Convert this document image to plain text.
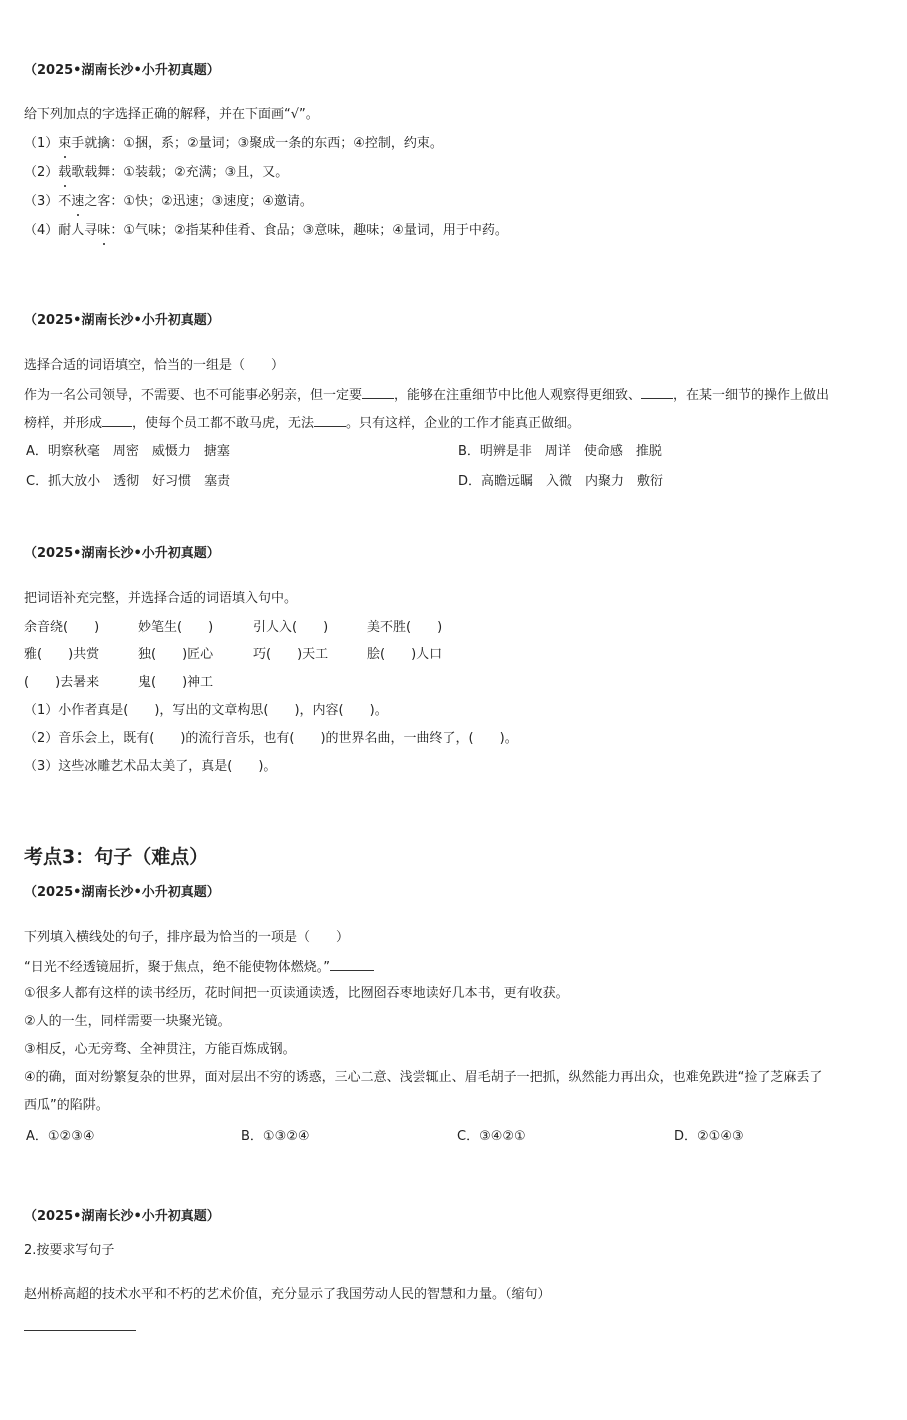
（2025•湖南长沙•小升初真题）
给下列加点的字选择正确的解释，并在下面画“√”。
（1）束手就擒：①捆，系；②量词；③聚成一条的东西；④控制，约束。
（2）载歌载舞：①装载；②充满；③且，又。
（3）不速之客：①快；②迅速；③速度；④邀请。
（4）耐人寻味：①气味；②指某种佳肴、食品；③意味，趣味；④量词，用于中药。
（2025•湖南长沙•小升初真题）
选择合适的词语填空，恰当的一组是（　　）
作为一名公司领导，不需要、也不可能事必躬亲，但一定要 ，能够在注重细节中比他人观察得更细致、 ，在某一细节的操作上做出
榜样，并形成 ，使每个员工都不敢马虎，无法 。只有这样，企业的工作才能真正做细。
A．明察秋毫　周密　威慑力　搪塞	B．明辨是非　周详　使命感　推脱
C．抓大放小　透彻　好习惯　塞责	D．高瞻远瞩　入微　内聚力　敷衍
（2025•湖南长沙•小升初真题）
把词语补充完整，并选择合适的词语填入句中。
余音绕(　　)	妙笔生(　　)	引人入(　　)	美不胜(　　)
雅(　　)共赏	独(　　)匠心	巧(　　)天工	脍(　　)人口
(　　)去暑来	鬼(　　)神工
（1）小作者真是(　　)，写出的文章构思(　　)，内容(　　)。
（2）音乐会上，既有(　　)的流行音乐，也有(　　)的世界名曲，一曲终了，(　　)。
（3）这些冰雕艺术品太美了，真是(　　)。
考点3：句子（难点）
（2025•湖南长沙•小升初真题）
下列填入横线处的句子，排序最为恰当的一项是（　　）
“日光不经透镜屈折，聚于焦点，绝不能使物体燃烧。”
①很多人都有这样的读书经历，花时间把一页读通读透，比囫囵吞枣地读好几本书，更有收获。
②人的一生，同样需要一块聚光镜。
③相反，心无旁骛、全神贯注，方能百炼成钢。
④的确，面对纷繁复杂的世界，面对层出不穷的诱惑，三心二意、浅尝辄止、眉毛胡子一把抓，纵然能力再出众，也难免跌进“捡了芝麻丢了
西瓜”的陷阱。
A．①②③④	B．①③②④	C．③④②①	D．②①④③
（2025•湖南长沙•小升初真题）
2.按要求写句子
赵州桥高超的技术水平和不朽的艺术价值，充分显示了我国劳动人民的智慧和力量。（缩句）
